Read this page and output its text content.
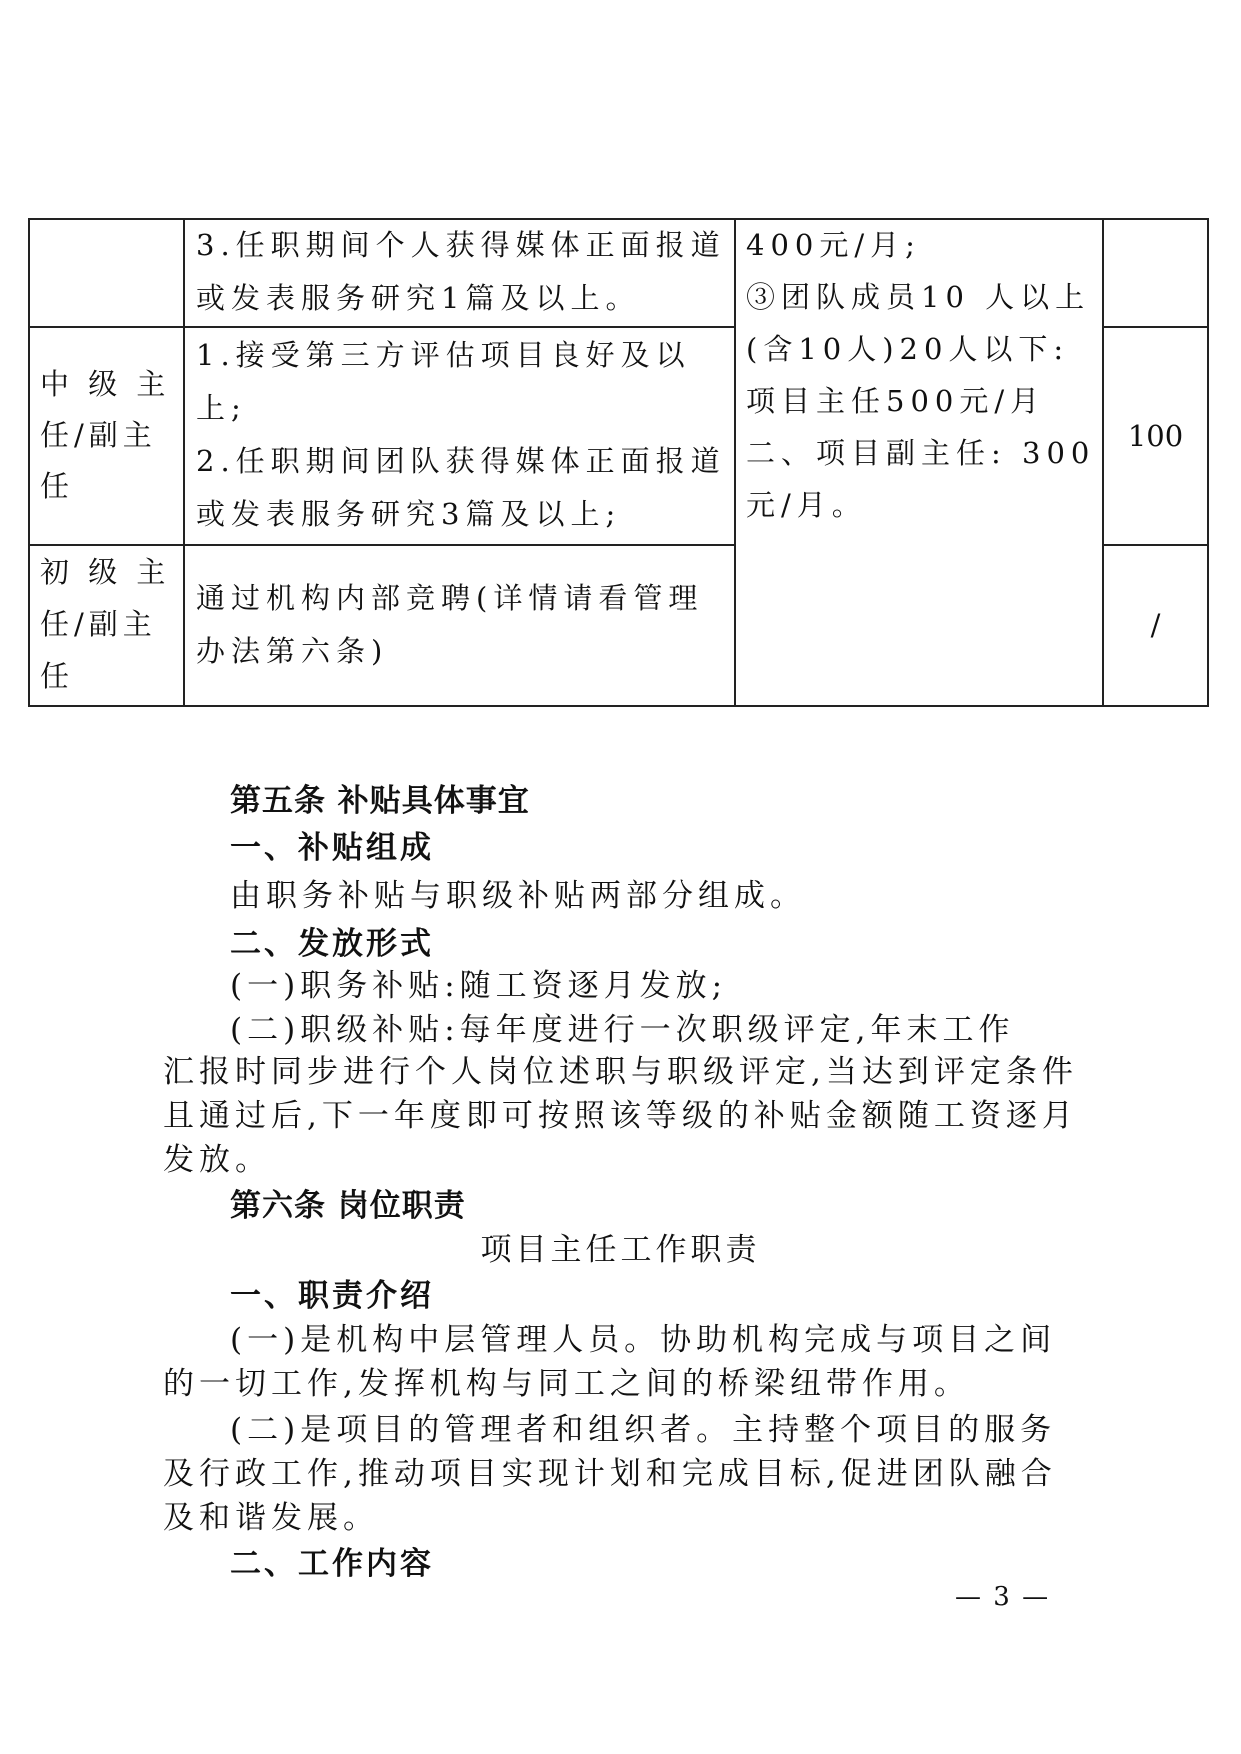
3.任职期间个人获得媒体正面报道
或发表服务研究1篇及以上。
400元/月;
③团队成员10 人以上
(含10人)20人以下:
项目主任500元/月
二、项目副主任: 300
元/月。
中 级 主
任/副主
任
1.接受第三方评估项目良好及以
上;
2.任职期间团队获得媒体正面报道
或发表服务研究3篇及以上;
100
初 级 主
任/副主
任
通过机构内部竞聘(详情请看管理
办法第六条)
/
第五条 补贴具体事宜
一、补贴组成
由职务补贴与职级补贴两部分组成。
二、发放形式
(一)职务补贴:随工资逐月发放;
(二)职级补贴:每年度进行一次职级评定,年末工作
汇报时同步进行个人岗位述职与职级评定,当达到评定条件
且通过后,下一年度即可按照该等级的补贴金额随工资逐月
发放。
第六条 岗位职责
项目主任工作职责
一、职责介绍
(一)是机构中层管理人员。协助机构完成与项目之间
的一切工作,发挥机构与同工之间的桥梁纽带作用。
(二)是项目的管理者和组织者。主持整个项目的服务
及行政工作,推动项目实现计划和完成目标,促进团队融合
及和谐发展。
二、工作内容
— 3 —
